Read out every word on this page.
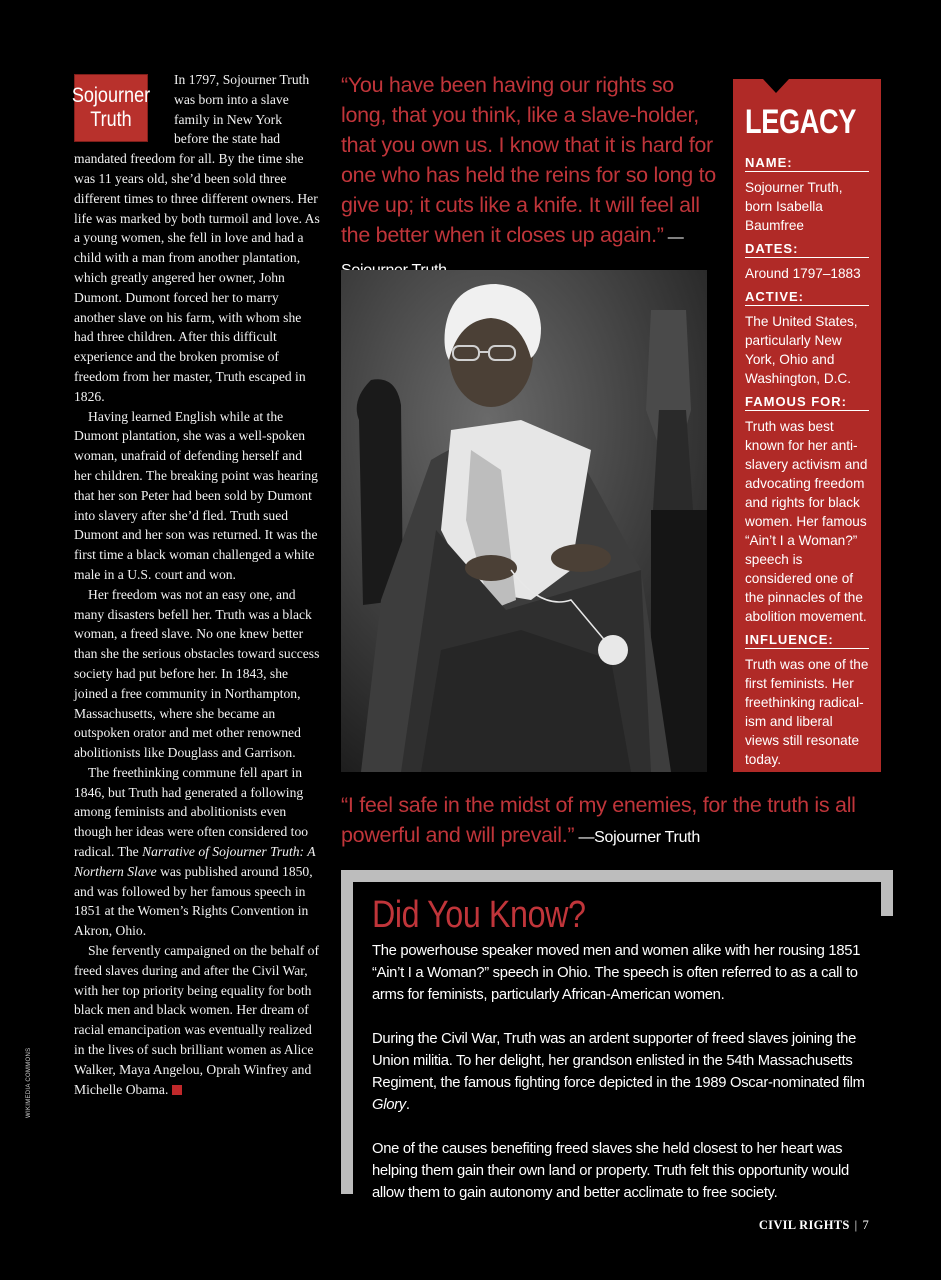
WIKIMEDIA COMMONS
Sojourner Truth

In 1797, Sojourner Truth was born into a slave family in New York before the state had mandated freedom for all. By the time she was 11 years old, she’d been sold three different times to three different owners. Her life was marked by both turmoil and love. As a young women, she fell in love and had a child with a man from another plantation, which greatly angered her owner, John Dumont. Dumont forced her to marry another slave on his farm, with whom she had three children. After this difficult experience and the broken promise of freedom from her master, Truth escaped in 1826.

Having learned English while at the Dumont plantation, she was a well-spoken woman, unafraid of defending herself and her children. The breaking point was hearing that her son Peter had been sold by Dumont into slavery after she’d fled. Truth sued Dumont and her son was returned. It was the first time a black woman challenged a white male in a U.S. court and won.

Her freedom was not an easy one, and many disasters befell her. Truth was a black woman, a freed slave. No one knew better than she the serious obstacles toward success society had put before her. In 1843, she joined a free community in Northampton, Massachusetts, where she became an outspoken orator and met other renowned abolitionists like Douglass and Garrison.

The freethinking commune fell apart in 1846, but Truth had generated a following among feminists and abolitionists even though her ideas were often considered too radical. The Narrative of Sojourner Truth: A Northern Slave was published around 1850, and was followed by her famous speech in 1851 at the Women’s Rights Convention in Akron, Ohio.

She fervently campaigned on the behalf of freed slaves during and after the Civil War, with her top priority being equality for both black men and black women. Her dream of racial emancipation was eventually realized in the lives of such brilliant women as Alice Walker, Maya Angelou, Oprah Winfrey and Michelle Obama.

“You have been having our rights so long, that you think, like a slave-holder, that you own us. I know that it is hard for one who has held the reins for so long to give up; it cuts like a knife. It will feel all the better when it closes up again.” —
LEGACY
NAME:
Sojourner Truth, born Isabella Baumfree
DATES:
Around 1797–1883
ACTIVE:
The United States, particularly New York, Ohio and Washington, D.C.
FAMOUS FOR:
Truth was best known for her anti-slavery activism and advocating freedom and rights for black women. Her famous “Ain’t I a Woman?” speech is considered one of the pinnacles of the abolition movement.
INFLUENCE:
Truth was one of the first feminists. Her freethinking radical-ism and liberal views still resonate today.
“I feel safe in the midst of my enemies, for the truth is all powerful and will prevail.” —Sojourner Truth
Did You Know?

The powerhouse speaker moved men and women alike with her rousing 1851 “Ain’t I a Woman?” speech in Ohio. The speech is often referred to as a call to arms for feminists, particularly African-American women.

During the Civil War, Truth was an ardent supporter of freed slaves joining the Union militia. To her delight, her grandson enlisted in the 54th Massachusetts Regiment, the famous fighting force depicted in the 1989 Oscar-nominated film Glory.

One of the causes benefiting freed slaves she held closest to her heart was helping them gain their own land or property. Truth felt this opportunity would allow them to gain autonomy and better acclimate to free society.

CIVIL RIGHTS | 7
